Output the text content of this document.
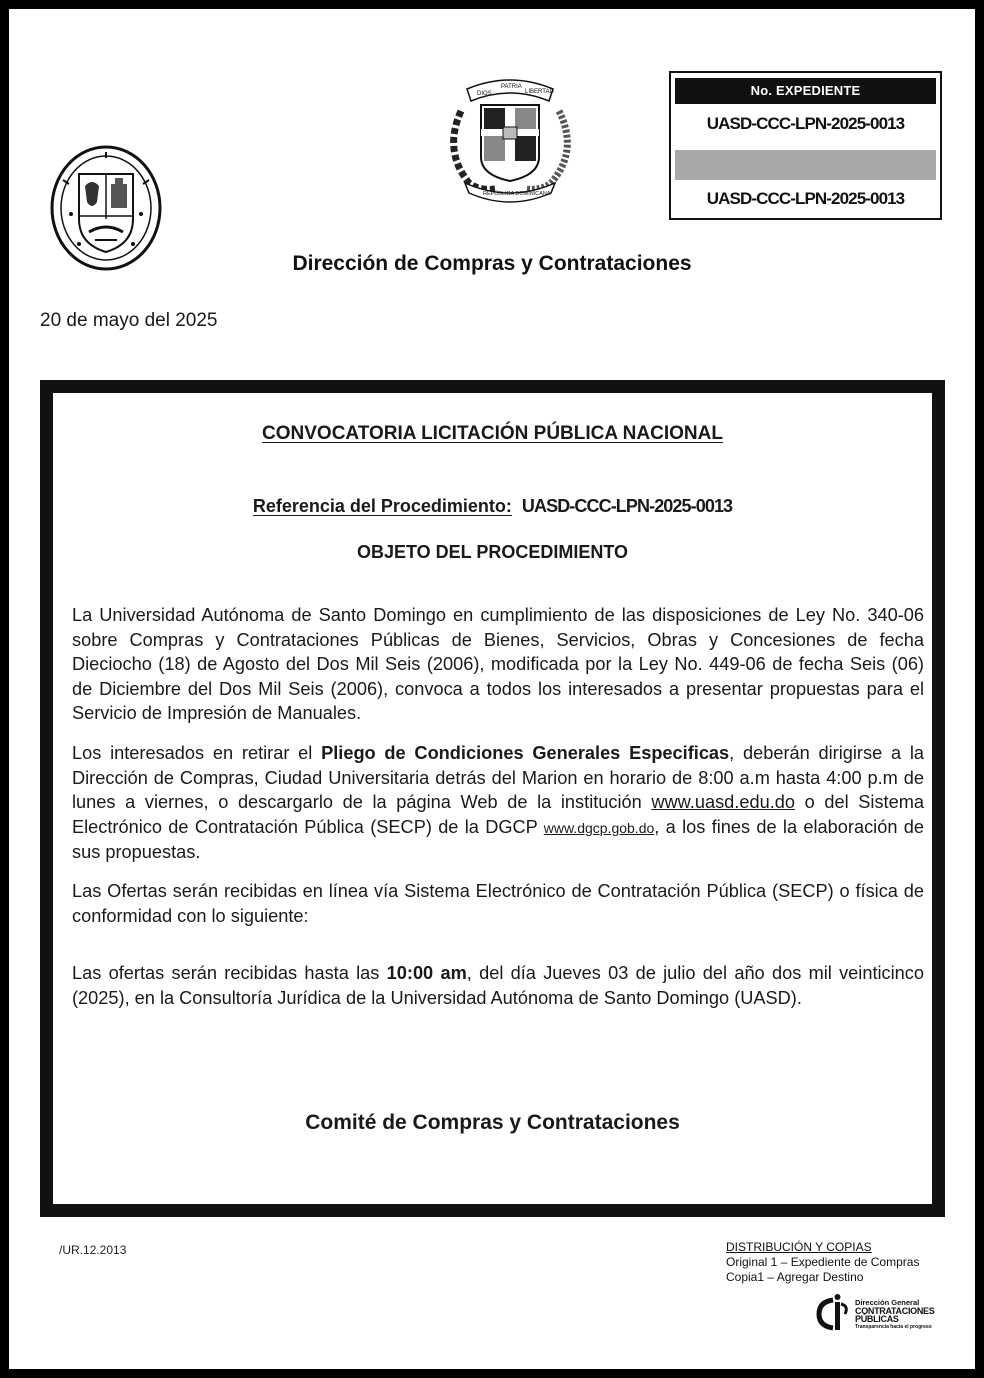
DIOS
PATRIA
LIBERTAD
REPÚBLICA DOMINICANA
No. EXPEDIENTE
UASD-CCC-LPN-2025-0013
UASD-CCC-LPN-2025-0013
Dirección de Compras y Contrataciones
20 de mayo del 2025
CONVOCATORIA LICITACIÓN PÚBLICA NACIONAL
Referencia del Procedimiento: UASD-CCC-LPN-2025-0013
OBJETO DEL PROCEDIMIENTO
La Universidad Autónoma de Santo Domingo en cumplimiento de las disposiciones de Ley No. 340-06 sobre Compras y Contrataciones Públicas de Bienes, Servicios, Obras y Concesiones de fecha Dieciocho (18) de Agosto del Dos Mil Seis (2006), modificada por la Ley No. 449-06 de fecha Seis (06) de Diciembre del Dos Mil Seis (2006), convoca a todos los interesados a presentar propuestas para el Servicio de Impresión de Manuales.
Los interesados en retirar el Pliego de Condiciones Generales Especificas, deberán dirigirse a la Dirección de Compras, Ciudad Universitaria detrás del Marion en horario de 8:00 a.m hasta 4:00 p.m de lunes a viernes, o descargarlo de la página Web de la institución www.uasd.edu.do o del Sistema Electrónico de Contratación Pública (SECP) de la DGCP www.dgcp.gob.do, a los fines de la elaboración de sus propuestas.
Las Ofertas serán recibidas en línea vía Sistema Electrónico de Contratación Pública (SECP) o física de conformidad con lo siguiente:
Las ofertas serán recibidas hasta las 10:00 am, del día Jueves 03 de julio del año dos mil veinticinco (2025), en la Consultoría Jurídica de la Universidad Autónoma de Santo Domingo (UASD).
Comité de Compras y Contrataciones
/UR.12.2013	DISTRIBUCIÓN Y COPIAS
Original 1 – Expediente de Compras
Copia1 – Agregar Destino
Dirección General
CONTRATACIONES
PÚBLICAS
Transparencia hacia el progreso
